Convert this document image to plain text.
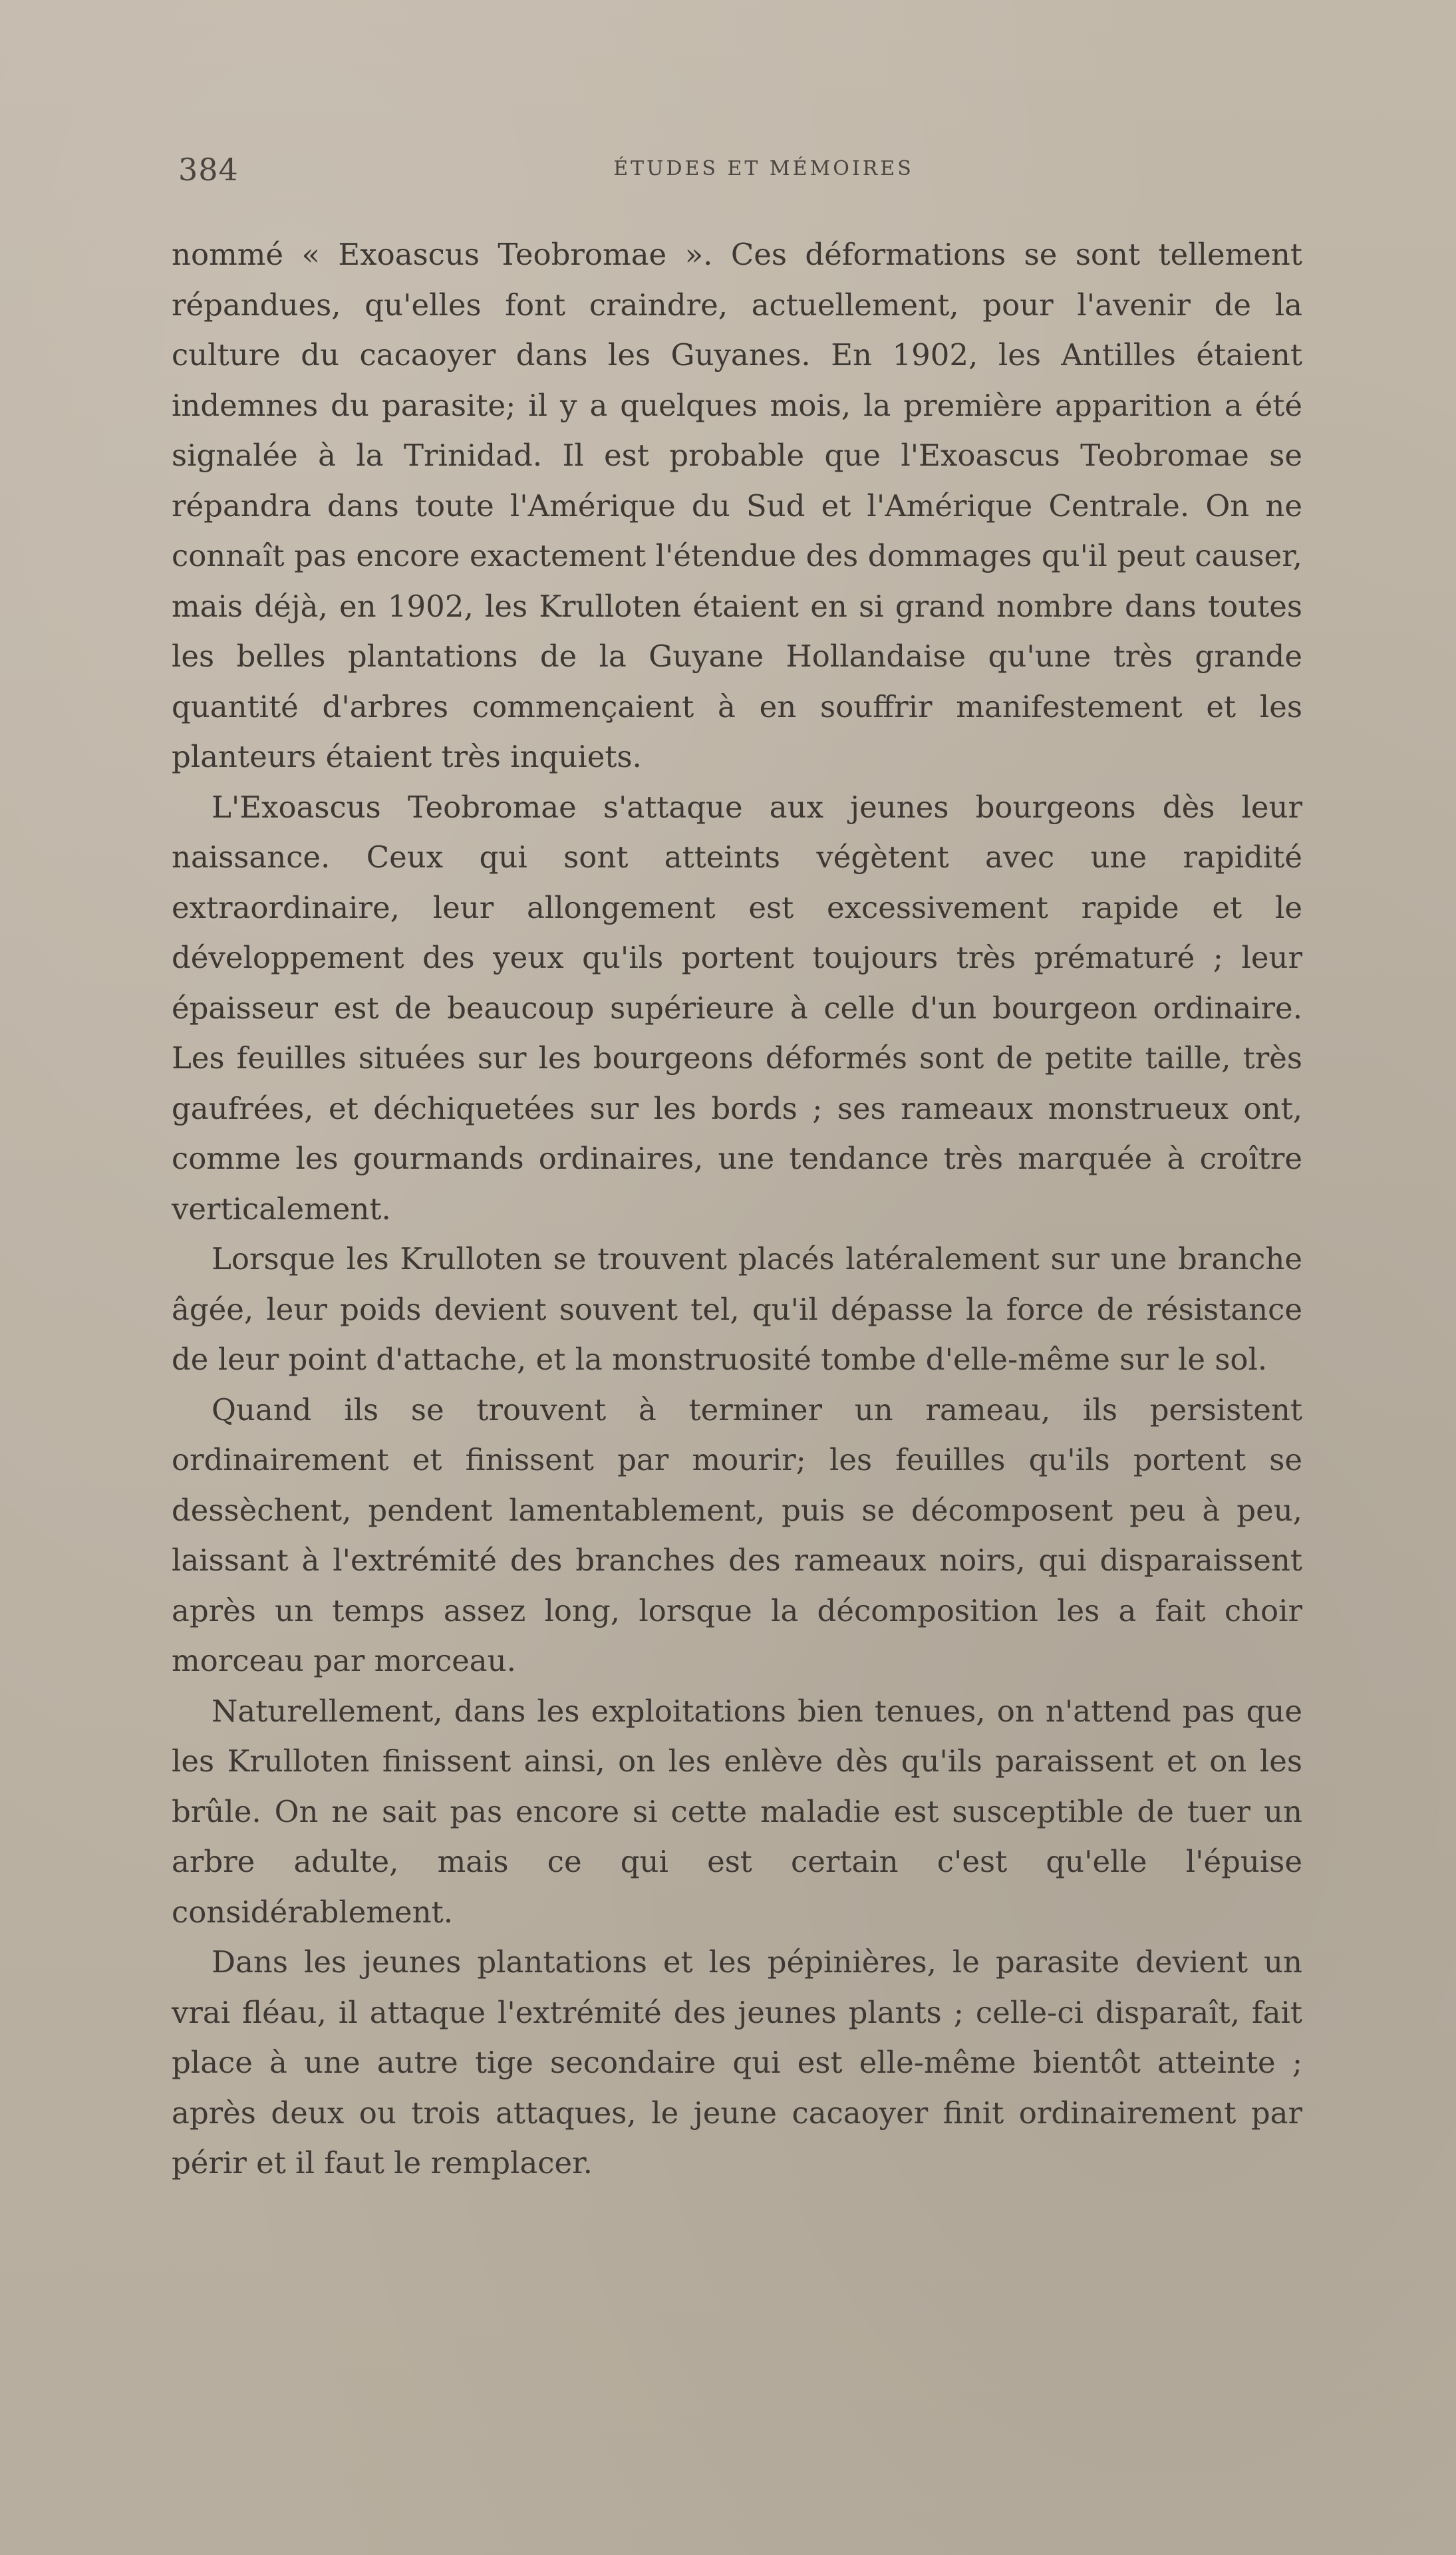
384	ÉTUDES ET MÉMOIRES

nommé « Exoascus Teobromae ». Ces déformations se sont tellement répandues, qu'elles font craindre, actuellement, pour l'avenir de la culture du cacaoyer dans les Guyanes. En 1902, les Antilles étaient indemnes du parasite; il y a quelques mois, la première apparition a été signalée à la Trinidad. Il est probable que l'Exoascus Teobromae se répandra dans toute l'Amérique du Sud et l'Amérique Centrale. On ne connaît pas encore exactement l'étendue des dommages qu'il peut causer, mais déjà, en 1902, les Krulloten étaient en si grand nombre dans toutes les belles plantations de la Guyane Hollandaise qu'une très grande quantité d'arbres commençaient à en souffrir manifestement et les planteurs étaient très inquiets.

L'Exoascus Teobromae s'attaque aux jeunes bourgeons dès leur naissance. Ceux qui sont atteints végètent avec une rapidité extraordinaire, leur allongement est excessivement rapide et le développement des yeux qu'ils portent toujours très prématuré ; leur épaisseur est de beaucoup supérieure à celle d'un bourgeon ordinaire. Les feuilles situées sur les bourgeons déformés sont de petite taille, très gaufrées, et déchiquetées sur les bords ; ses rameaux monstrueux ont, comme les gourmands ordinaires, une tendance très marquée à croître verticalement.

Lorsque les Krulloten se trouvent placés latéralement sur une branche âgée, leur poids devient souvent tel, qu'il dépasse la force de résistance de leur point d'attache, et la monstruosité tombe d'elle-même sur le sol.

Quand ils se trouvent à terminer un rameau, ils persistent ordinairement et finissent par mourir; les feuilles qu'ils portent se dessèchent, pendent lamentablement, puis se décomposent peu à peu, laissant à l'extrémité des branches des rameaux noirs, qui disparaissent après un temps assez long, lorsque la décomposition les a fait choir morceau par morceau.

Naturellement, dans les exploitations bien tenues, on n'attend pas que les Krulloten finissent ainsi, on les enlève dès qu'ils paraissent et on les brûle. On ne sait pas encore si cette maladie est susceptible de tuer un arbre adulte, mais ce qui est certain c'est qu'elle l'épuise considérablement.

Dans les jeunes plantations et les pépinières, le parasite devient un vrai fléau, il attaque l'extrémité des jeunes plants ; celle-ci disparaît, fait place à une autre tige secondaire qui est elle-même bientôt atteinte ; après deux ou trois attaques, le jeune cacaoyer finit ordinairement par périr et il faut le remplacer.
